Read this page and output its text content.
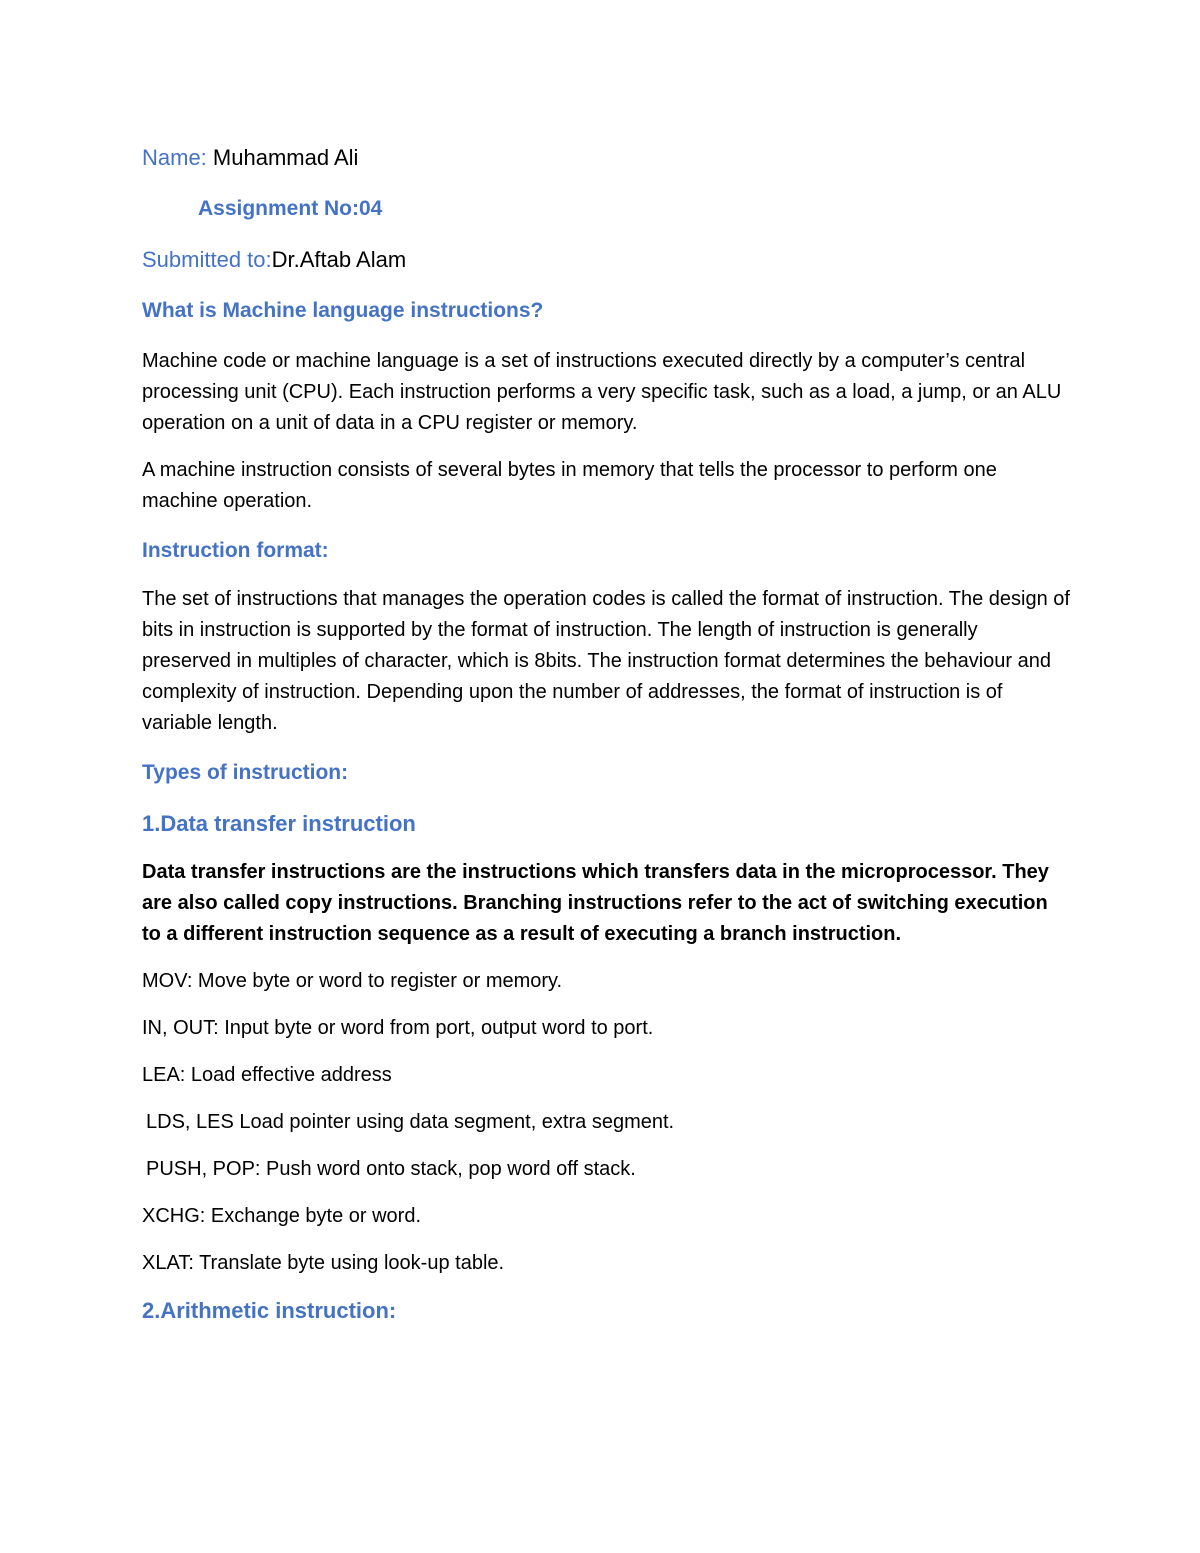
Name: Muhammad Ali

Assignment No:04

Submitted to:Dr.Aftab Alam

What is Machine language instructions?

Machine code or machine language is a set of instructions executed directly by a computer’s central processing unit (CPU). Each instruction performs a very specific task, such as a load, a jump, or an ALU operation on a unit of data in a CPU register or memory.

A machine instruction consists of several bytes in memory that tells the processor to perform one machine operation.

Instruction format:

The set of instructions that manages the operation codes is called the format of instruction. The design of bits in instruction is supported by the format of instruction. The length of instruction is generally preserved in multiples of character, which is 8bits. The instruction format determines the behaviour and complexity of instruction. Depending upon the number of addresses, the format of instruction is of variable length.

Types of instruction:

1.Data transfer instruction

Data transfer instructions are the instructions which transfers data in the microprocessor. They are also called copy instructions. Branching instructions refer to the act of switching execution to a different instruction sequence as a result of executing a branch instruction.

MOV: Move byte or word to register or memory.

IN, OUT: Input byte or word from port, output word to port.

LEA: Load effective address

LDS, LES Load pointer using data segment, extra segment.

PUSH, POP: Push word onto stack, pop word off stack.

XCHG: Exchange byte or word.

XLAT: Translate byte using look-up table.

2.Arithmetic instruction:
